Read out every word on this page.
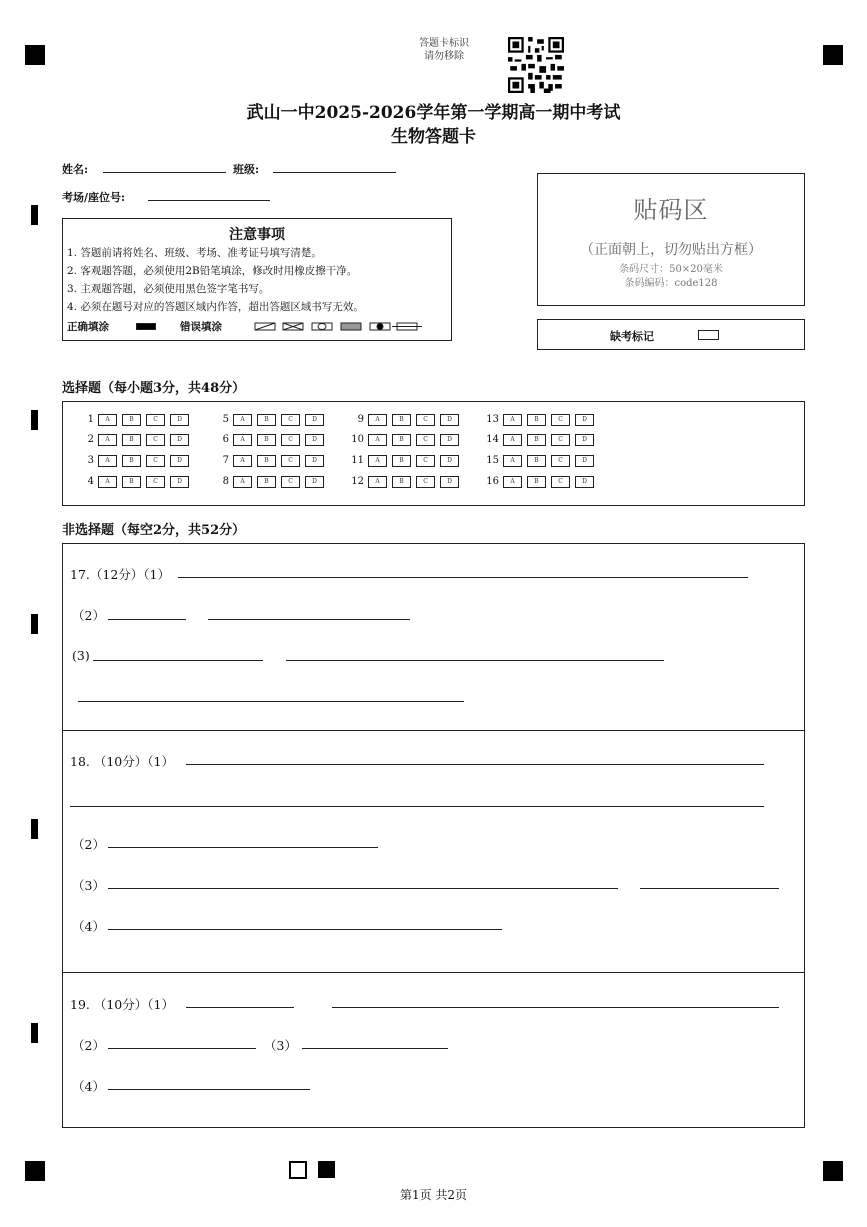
答题卡标识
请勿移除
武山一中2025-2026学年第一学期高一期中考试
生物答题卡
姓名:	班级:
考场/座位号:
注意事项
1. 答题前请将姓名、班级、考场、准考证号填写清楚。
2. 客观题答题，必须使用2B铅笔填涂，修改时用橡皮擦干净。
3. 主观题答题，必须使用黑色签字笔书写。
4. 必须在题号对应的答题区域内作答，超出答题区域书写无效。
正确填涂	错误填涂
贴码区
（正面朝上，切勿贴出方框）
条码尺寸：50×20毫米
条码编码：code128
缺考标记
选择题（每小题3分，共48分）
1 A	B	C	D
2 A	B	C	D
3 A	B	C	D
4 A	B	C	D
5 A	B	C	D
6 A	B	C	D
7 A	B	C	D
8 A	B	C	D
9 A	B	C	D
10 A	B	C	D
11 A	B	C	D
12 A	B	C	D
13 A	B	C	D
14 A	B	C	D
15 A	B	C	D
16 A	B	C	D
非选择题（每空2分，共52分）
17.（12分）（1）
（2）
(3)
18. （10分）（1）
（2）
（3）
（4）
19. （10分）（1）
（2）	（3）
（4）
第1页 共2页
